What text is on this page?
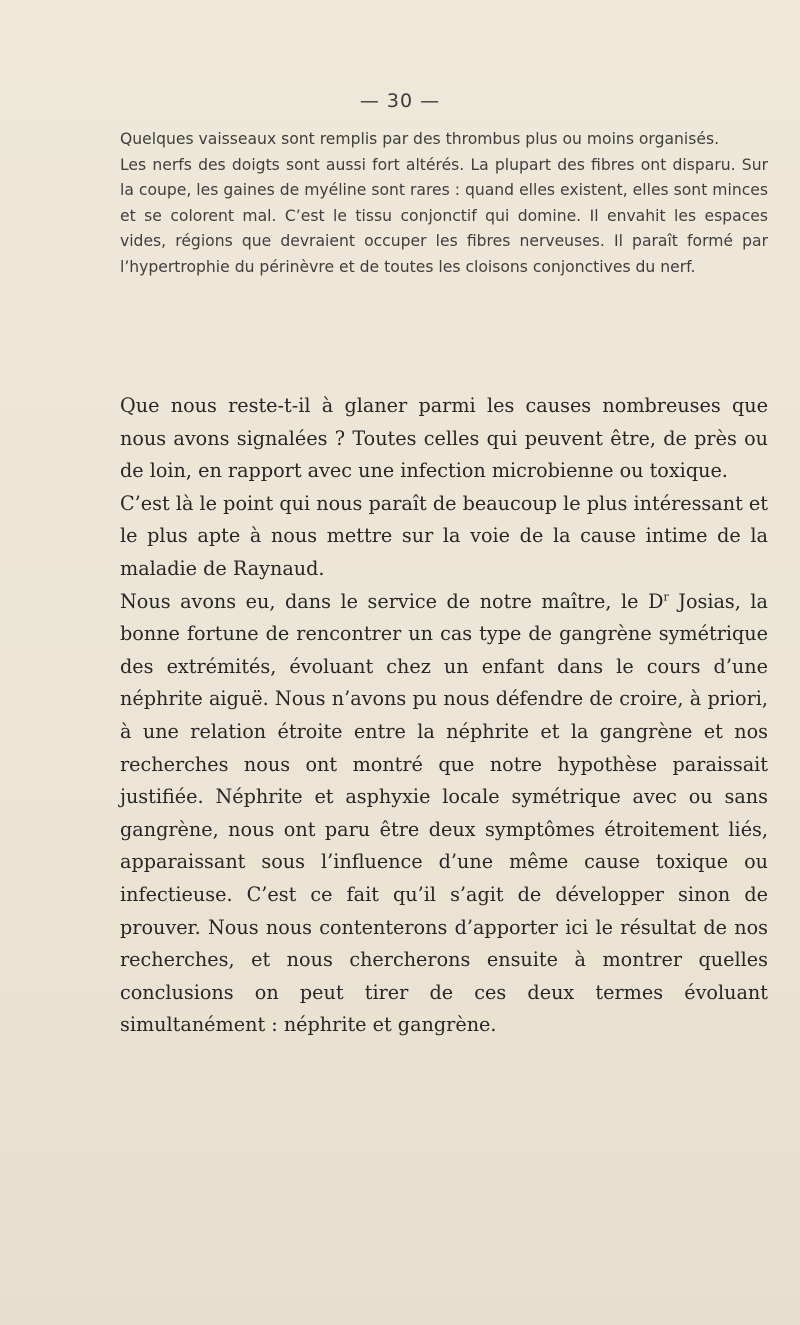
— 30 —

Quelques vaisseaux sont remplis par des thrombus plus ou moins organisés.

Les nerfs des doigts sont aussi fort altérés. La plupart des fibres ont disparu. Sur la coupe, les gaines de myéline sont rares : quand elles existent, elles sont minces et se colorent mal. C’est le tissu conjonctif qui domine. Il envahit les espaces vides, régions que devraient occuper les fibres nerveuses. Il paraît formé par l’hypertrophie du périnèvre et de toutes les cloisons conjonctives du nerf.

Que nous reste-t-il à glaner parmi les causes nombreuses que nous avons signalées ? Toutes celles qui peuvent être, de près ou de loin, en rapport avec une infection microbienne ou toxique.

C’est là le point qui nous paraît de beaucoup le plus intéressant et le plus apte à nous mettre sur la voie de la cause intime de la maladie de Raynaud.

Nous avons eu, dans le service de notre maître, le $D^r$ Josias, la bonne fortune de rencontrer un cas type de gangrène symétrique des extrémités, évoluant chez un enfant dans le cours d’une néphrite aiguë. Nous n’avons pu nous défendre de croire, à priori, à une relation étroite entre la néphrite et la gangrène et nos recherches nous ont montré que notre hypothèse paraissait justifiée. Néphrite et asphyxie locale symétrique avec ou sans gangrène, nous ont paru être deux symptômes étroitement liés, apparaissant sous l’influence d’une même cause toxique ou infectieuse. C’est ce fait qu’il s’agit de développer sinon de prouver. Nous nous contenterons d’apporter ici le résultat de nos recherches, et nous chercherons ensuite à montrer quelles conclusions on peut tirer de ces deux termes évoluant simultanément : néphrite et gangrène.
